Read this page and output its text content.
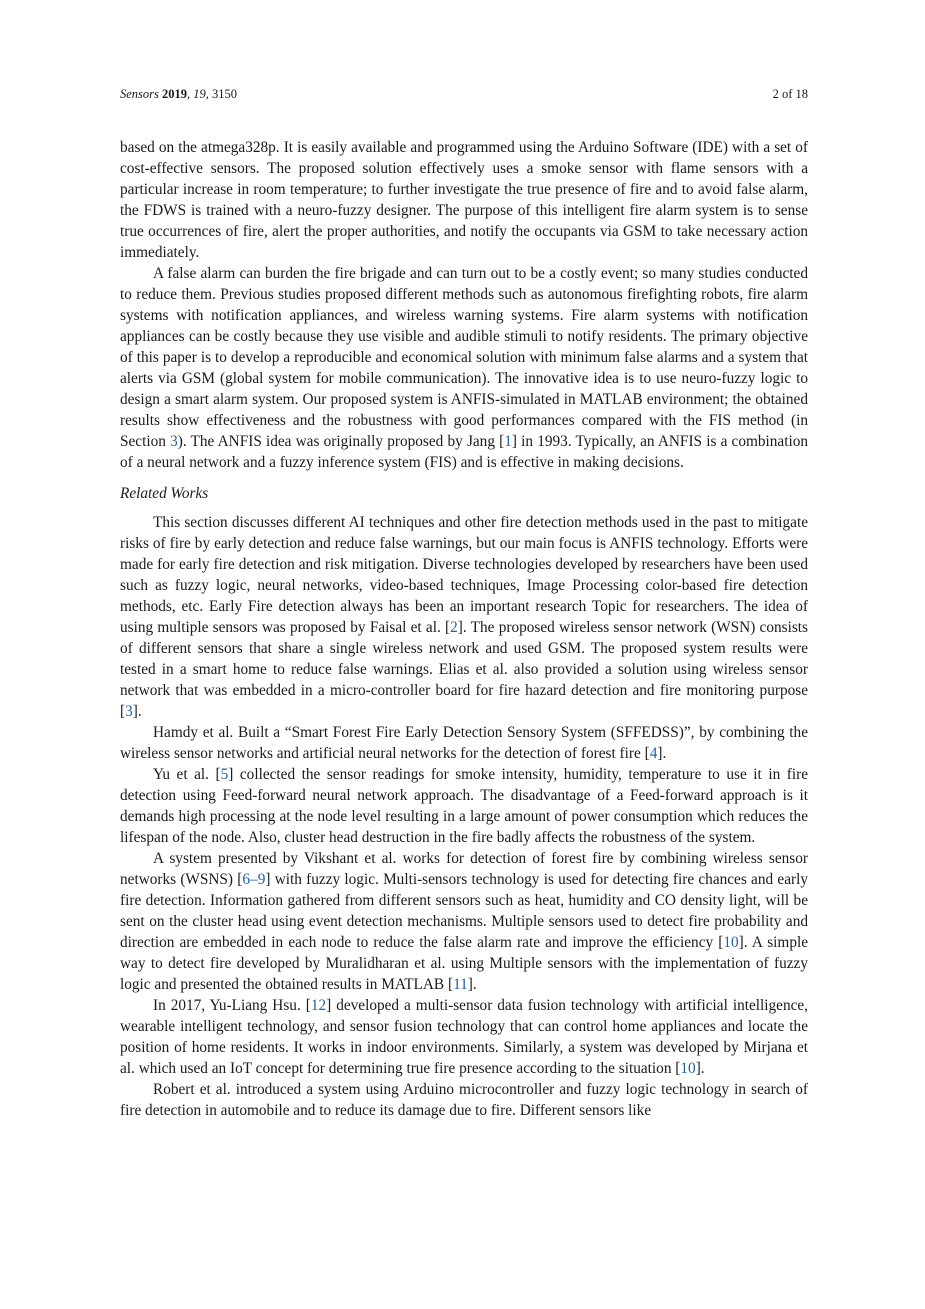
Sensors 2019, 19, 3150	2 of 18

based on the atmega328p. It is easily available and programmed using the Arduino Software (IDE) with a set of cost-effective sensors. The proposed solution effectively uses a smoke sensor with flame sensors with a particular increase in room temperature; to further investigate the true presence of fire and to avoid false alarm, the FDWS is trained with a neuro-fuzzy designer. The purpose of this intelligent fire alarm system is to sense true occurrences of fire, alert the proper authorities, and notify the occupants via GSM to take necessary action immediately.

A false alarm can burden the fire brigade and can turn out to be a costly event; so many studies conducted to reduce them. Previous studies proposed different methods such as autonomous firefighting robots, fire alarm systems with notification appliances, and wireless warning systems. Fire alarm systems with notification appliances can be costly because they use visible and audible stimuli to notify residents. The primary objective of this paper is to develop a reproducible and economical solution with minimum false alarms and a system that alerts via GSM (global system for mobile communication). The innovative idea is to use neuro-fuzzy logic to design a smart alarm system. Our proposed system is ANFIS-simulated in MATLAB environment; the obtained results show effectiveness and the robustness with good performances compared with the FIS method (in Section 3). The ANFIS idea was originally proposed by Jang [1] in 1993. Typically, an ANFIS is a combination of a neural network and a fuzzy inference system (FIS) and is effective in making decisions.

Related Works

This section discusses different AI techniques and other fire detection methods used in the past to mitigate risks of fire by early detection and reduce false warnings, but our main focus is ANFIS technology. Efforts were made for early fire detection and risk mitigation. Diverse technologies developed by researchers have been used such as fuzzy logic, neural networks, video-based techniques, Image Processing color-based fire detection methods, etc. Early Fire detection always has been an important research Topic for researchers. The idea of using multiple sensors was proposed by Faisal et al. [2]. The proposed wireless sensor network (WSN) consists of different sensors that share a single wireless network and used GSM. The proposed system results were tested in a smart home to reduce false warnings. Elias et al. also provided a solution using wireless sensor network that was embedded in a micro-controller board for fire hazard detection and fire monitoring purpose [3].

Hamdy et al. Built a “Smart Forest Fire Early Detection Sensory System (SFFEDSS)”, by combining the wireless sensor networks and artificial neural networks for the detection of forest fire [4].

Yu et al. [5] collected the sensor readings for smoke intensity, humidity, temperature to use it in fire detection using Feed-forward neural network approach. The disadvantage of a Feed-forward approach is it demands high processing at the node level resulting in a large amount of power consumption which reduces the lifespan of the node. Also, cluster head destruction in the fire badly affects the robustness of the system.

A system presented by Vikshant et al. works for detection of forest fire by combining wireless sensor networks (WSNS) [6–9] with fuzzy logic. Multi-sensors technology is used for detecting fire chances and early fire detection. Information gathered from different sensors such as heat, humidity and CO density light, will be sent on the cluster head using event detection mechanisms. Multiple sensors used to detect fire probability and direction are embedded in each node to reduce the false alarm rate and improve the efficiency [10]. A simple way to detect fire developed by Muralidharan et al. using Multiple sensors with the implementation of fuzzy logic and presented the obtained results in MATLAB [11].

In 2017, Yu-Liang Hsu. [12] developed a multi-sensor data fusion technology with artificial intelligence, wearable intelligent technology, and sensor fusion technology that can control home appliances and locate the position of home residents. It works in indoor environments. Similarly, a system was developed by Mirjana et al. which used an IoT concept for determining true fire presence according to the situation [10].

Robert et al. introduced a system using Arduino microcontroller and fuzzy logic technology in search of fire detection in automobile and to reduce its damage due to fire. Different sensors like
